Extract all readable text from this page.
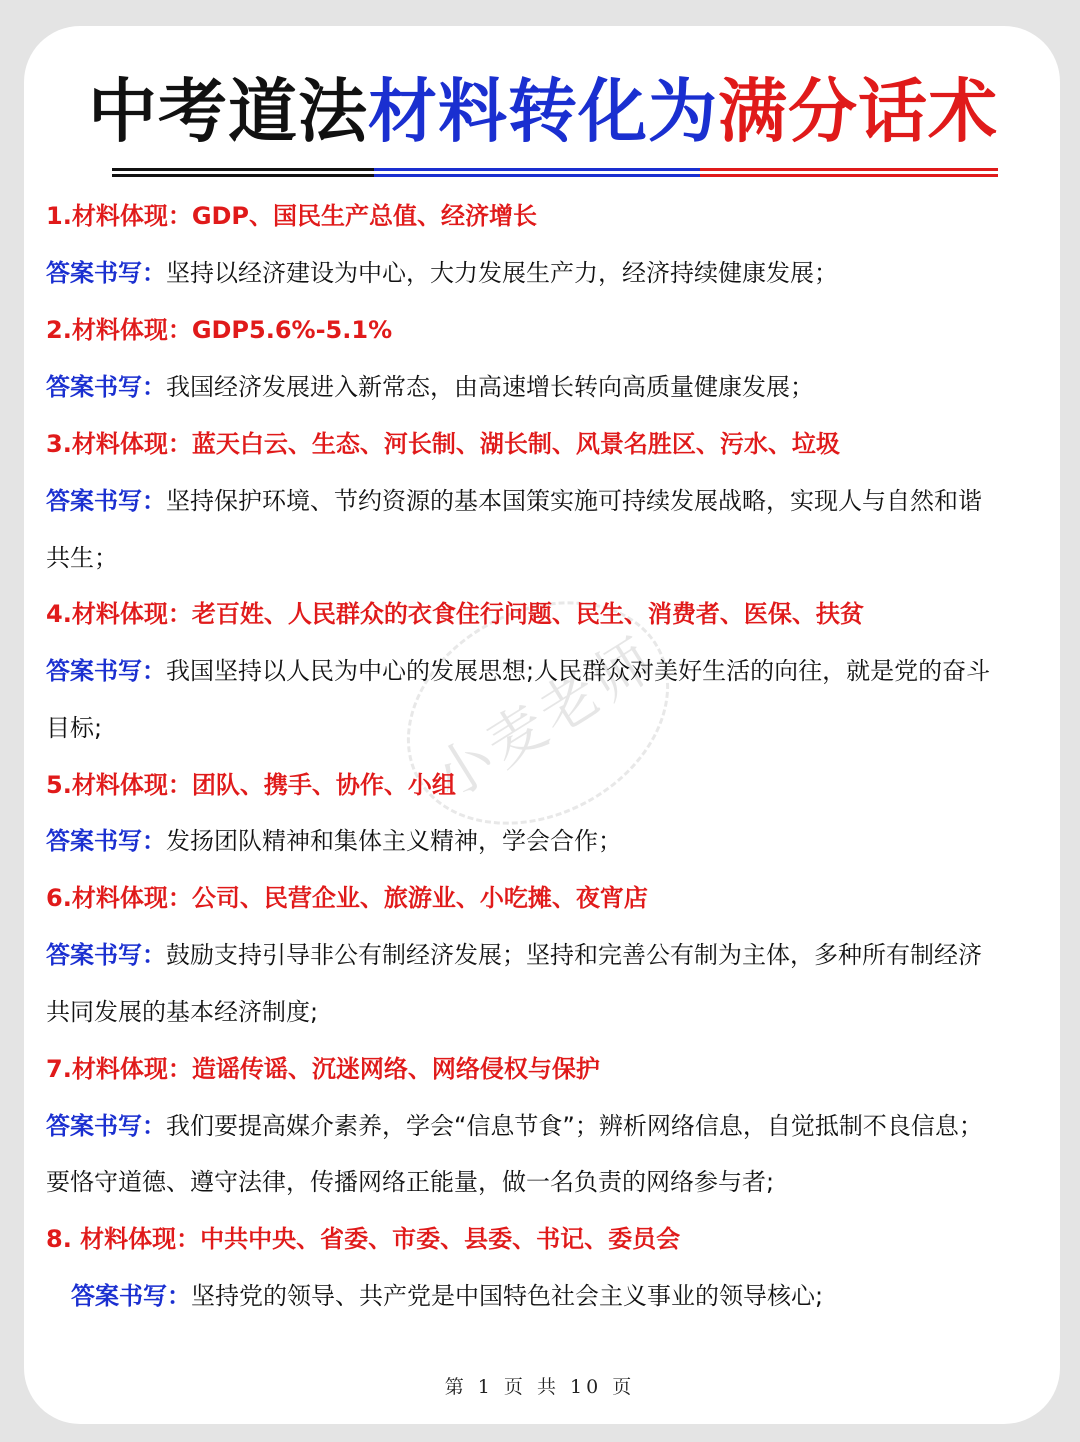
中考道法材料转化为满分话术
小麦老师
1.材料体现：GDP、国民生产总值、经济增长
答案书写：坚持以经济建设为中心，大力发展生产力，经济持续健康发展；
2.材料体现：GDP5.6%-5.1%
答案书写：我国经济发展进入新常态，由高速增长转向高质量健康发展；
3.材料体现：蓝天白云、生态、河长制、湖长制、风景名胜区、污水、垃圾
答案书写：坚持保护环境、节约资源的基本国策实施可持续发展战略，实现人与自然和谐
共生；
4.材料体现：老百姓、人民群众的衣食住行问题、民生、消费者、医保、扶贫
答案书写：我国坚持以人民为中心的发展思想;人民群众对美好生活的向往，就是党的奋斗
目标;
5.材料体现：团队、携手、协作、小组
答案书写：发扬团队精神和集体主义精神，学会合作；
6.材料体现：公司、民营企业、旅游业、小吃摊、夜宵店
答案书写：鼓励支持引导非公有制经济发展；坚持和完善公有制为主体，多种所有制经济
共同发展的基本经济制度;
7.材料体现：造谣传谣、沉迷网络、网络侵权与保护
答案书写：我们要提高媒介素养，学会“信息节食”；辨析网络信息，自觉抵制不良信息；
要恪守道德、遵守法律，传播网络正能量，做一名负责的网络参与者;
8. 材料体现：中共中央、省委、市委、县委、书记、委员会
答案书写：坚持党的领导、共产党是中国特色社会主义事业的领导核心;
第 1 页 共 10 页
